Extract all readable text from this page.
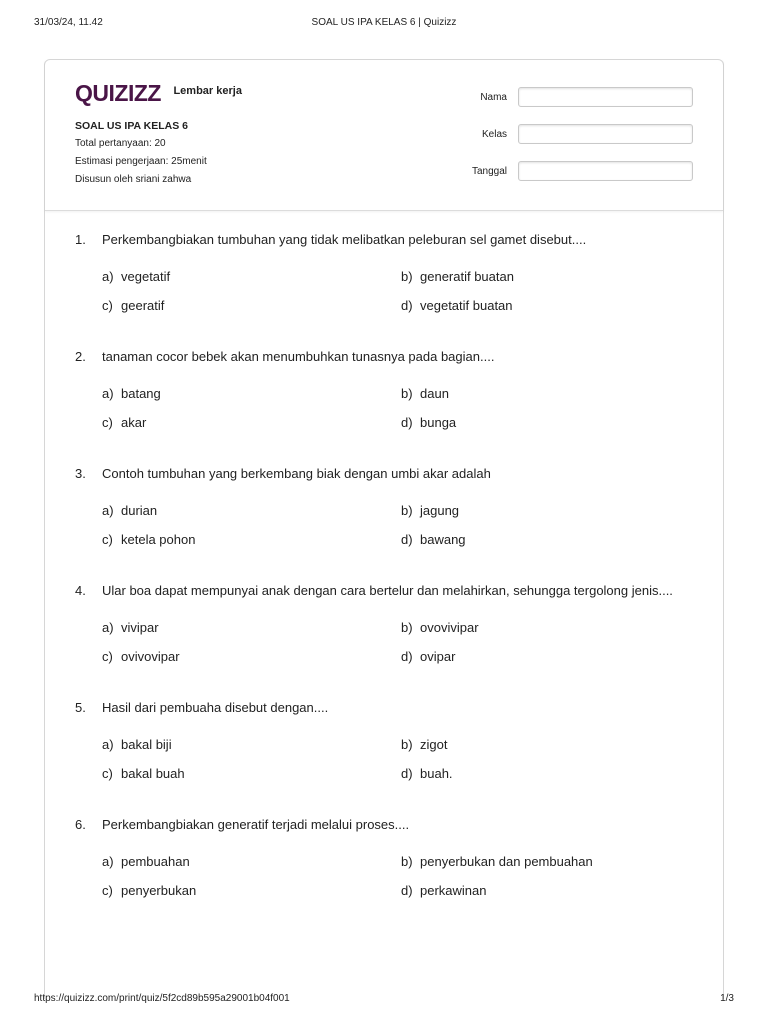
31/03/24, 11.42	SOAL US IPA KELAS 6 | Quizizz
QUIZIZZ Lembar kerja
SOAL US IPA KELAS 6
Total pertanyaan: 20
Estimasi pengerjaan: 25menit
Disusun oleh sriani zahwa
Nama
Kelas
Tanggal
1. Perkembangbiakan tumbuhan yang tidak melibatkan peleburan sel gamet disebut....
a) vegetatif	b) generatif buatan
c) geeratif	d) vegetatif buatan
2. tanaman cocor bebek akan menumbuhkan tunasnya pada bagian....
a) batang	b) daun
c) akar	d) bunga
3. Contoh tumbuhan yang berkembang biak dengan umbi akar adalah
a) durian	b) jagung
c) ketela pohon	d) bawang
4. Ular boa dapat mempunyai anak dengan cara bertelur dan melahirkan, sehungga tergolong jenis....
a) vivipar	b) ovovivipar
c) ovivovipar	d) ovipar
5. Hasil dari pembuaha disebut dengan....
a) bakal biji	b) zigot
c) bakal buah	d) buah.
6. Perkembangbiakan generatif terjadi melalui proses....
a) pembuahan	b) penyerbukan dan pembuahan
c) penyerbukan	d) perkawinan
https://quizizz.com/print/quiz/5f2cd89b595a29001b04f001	1/3
